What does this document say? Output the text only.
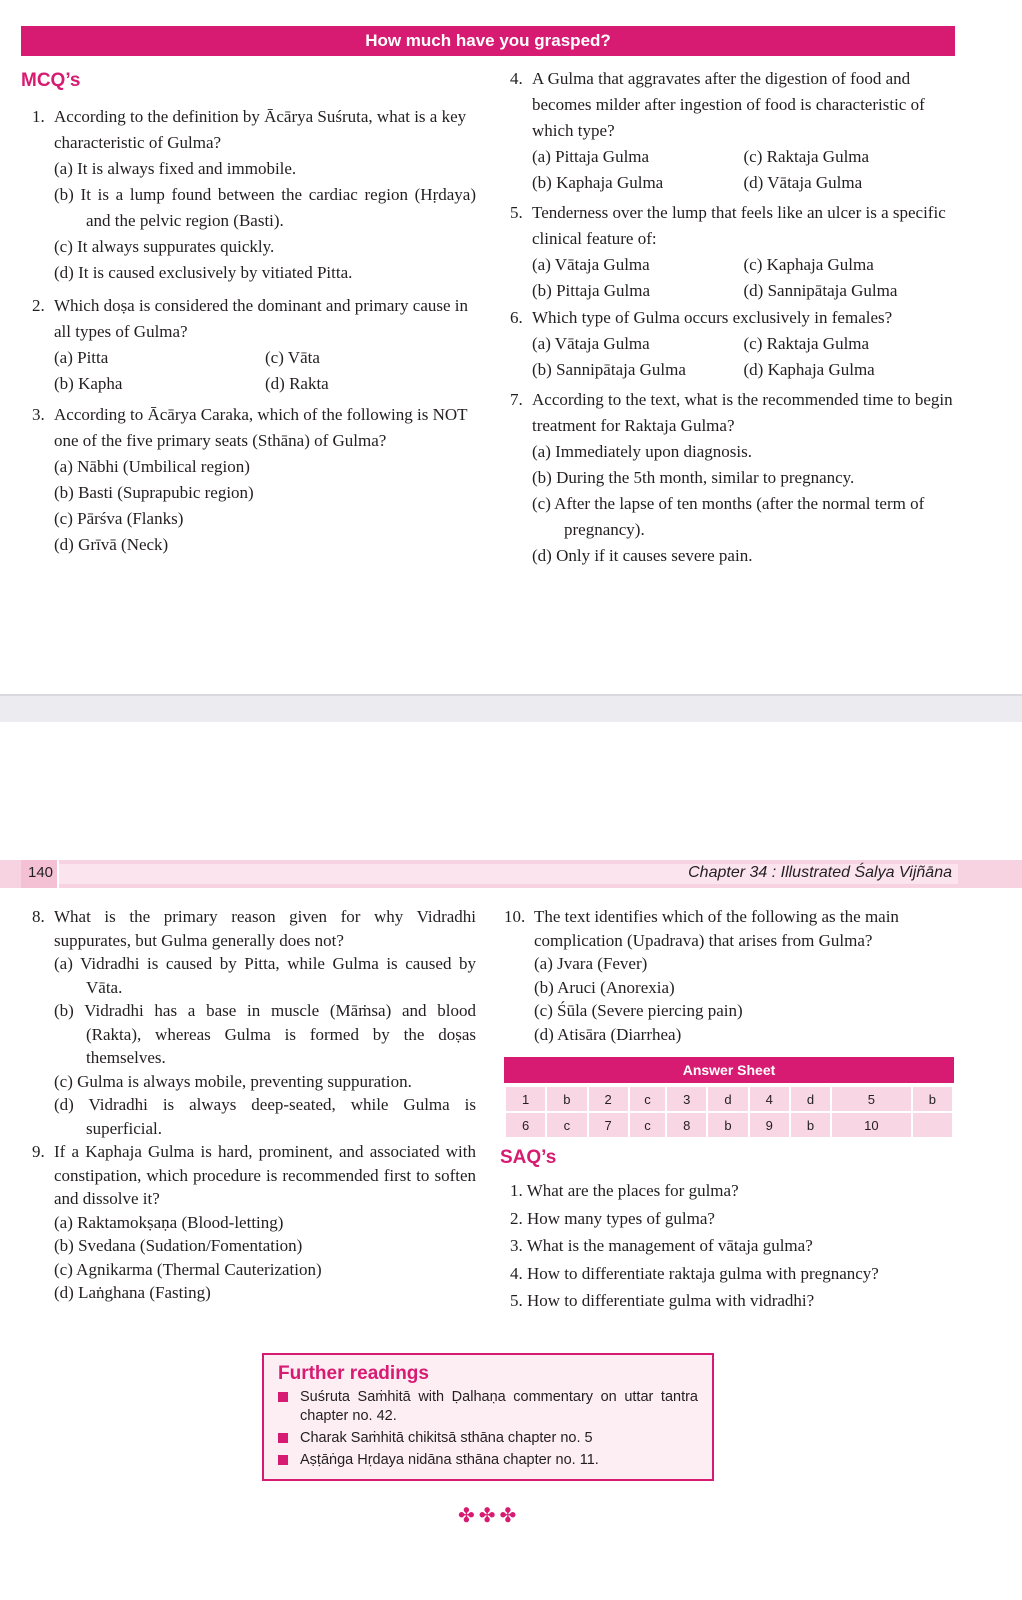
How much have you grasped?
MCQ’s
1. According to the definition by Ācārya Suśruta, what is a key characteristic of Gulma?
(a) It is always fixed and immobile.
(b) It is a lump found between the cardiac region (Hṛdaya) and the pelvic region (Basti).
(c) It always suppurates quickly.
(d) It is caused exclusively by vitiated Pitta.
2. Which doṣa is considered the dominant and primary cause in all types of Gulma?
(a) Pitta	(c) Vāta
(b) Kapha	(d) Rakta
3. According to Ācārya Caraka, which of the following is NOT one of the five primary seats (Sthāna) of Gulma?
(a) Nābhi (Umbilical region)
(b) Basti (Suprapubic region)
(c) Pārśva (Flanks)
(d) Grīvā (Neck)
4. A Gulma that aggravates after the digestion of food and becomes milder after ingestion of food is characteristic of which type?
(a) Pittaja Gulma	(c) Raktaja Gulma
(b) Kaphaja Gulma	(d) Vātaja Gulma
5. Tenderness over the lump that feels like an ulcer is a specific clinical feature of:
(a) Vātaja Gulma	(c) Kaphaja Gulma
(b) Pittaja Gulma	(d) Sannipātaja Gulma
6. Which type of Gulma occurs exclusively in females?
(a) Vātaja Gulma	(c) Raktaja Gulma
(b) Sannipātaja Gulma	(d) Kaphaja Gulma
7. According to the text, what is the recommended time to begin treatment for Raktaja Gulma?
(a) Immediately upon diagnosis.
(b) During the 5th month, similar to pregnancy.
(c) After the lapse of ten months (after the normal term of pregnancy).
(d) Only if it causes severe pain.
140	Chapter 34 : Illustrated Śalya Vijñāna
8. What is the primary reason given for why Vidradhi suppurates, but Gulma generally does not?
(a) Vidradhi is caused by Pitta, while Gulma is caused by Vāta.
(b) Vidradhi has a base in muscle (Māṁsa) and blood (Rakta), whereas Gulma is formed by the doṣas themselves.
(c) Gulma is always mobile, preventing suppuration.
(d) Vidradhi is always deep-seated, while Gulma is superficial.
9. If a Kaphaja Gulma is hard, prominent, and associated with constipation, which procedure is recommended first to soften and dissolve it?
(a) Raktamokṣaṇa (Blood-letting)
(b) Svedana (Sudation/Fomentation)
(c) Agnikarma (Thermal Cauterization)
(d) Laṅghana (Fasting)
10. The text identifies which of the following as the main complication (Upadrava) that arises from Gulma?
(a) Jvara (Fever)
(b) Aruci (Anorexia)
(c) Śūla (Severe piercing pain)
(d) Atisāra (Diarrhea)
Answer Sheet
1	b	2	c	3	d	4	d	5	b
6	c	7	c	8	b	9	b	10	
SAQ’s
1. What are the places for gulma?
2. How many types of gulma?
3. What is the management of vātaja gulma?
4. How to differentiate raktaja gulma with pregnancy?
5. How to differentiate gulma with vidradhi?
Further readings
Suśruta Saṁhitā with Ḍalhaṇa commentary on uttar tantra chapter no. 42.
Charak Saṁhitā chikitsā sthāna chapter no. 5
Aṣṭāṅga Hṛdaya nidāna sthāna chapter no. 11.
✤✤✤
